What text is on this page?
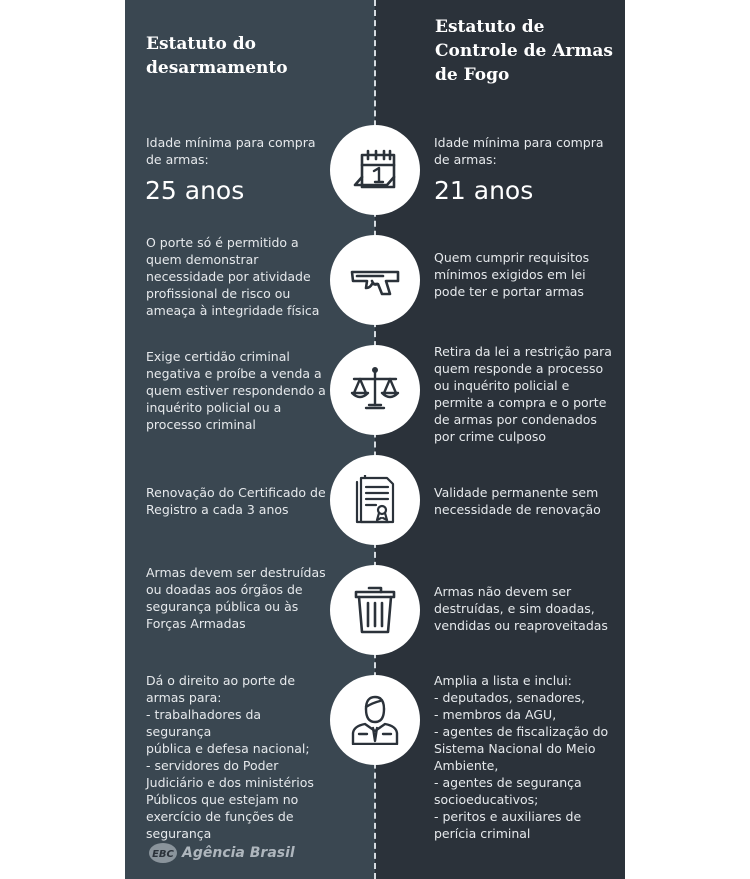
Estatuto do desarmamento
Estatuto de Controle de Armas de Fogo

Idade mínima para compra
de armas:

25 anos

Idade mínima para compra
de armas:

21 anos

O porte só é permitido a
quem demonstrar
necessidade por atividade
profissional de risco ou
ameaça à integridade física

Quem cumprir requisitos
mínimos exigidos em lei
pode ter e portar armas

Exige certidão criminal
negativa e proíbe a venda a
quem estiver respondendo a
inquérito policial ou a
processo criminal

Retira da lei a restrição para
quem responde a processo
ou inquérito policial e
permite a compra e o porte
de armas por condenados
por crime culposo

Renovação do Certificado de
Registro a cada 3 anos

Validade permanente sem
necessidade de renovação

Armas devem ser destruídas
ou doadas aos órgãos de
segurança pública ou às
Forças Armadas

Armas não devem ser
destruídas, e sim doadas,
vendidas ou reaproveitadas

Dá o direito ao porte de
armas para:
- trabalhadores da segurança
pública e defesa nacional;
- servidores do Poder
Judiciário e dos ministérios
Públicos que estejam no
exercício de funções de
segurança

Amplia a lista e inclui:
- deputados, senadores,
- membros da AGU,
- agentes de fiscalização do
Sistema Nacional do Meio
Ambiente,
- agentes de segurança
socioeducativos;
- peritos e auxiliares de
perícia criminal

EBC Agência Brasil
